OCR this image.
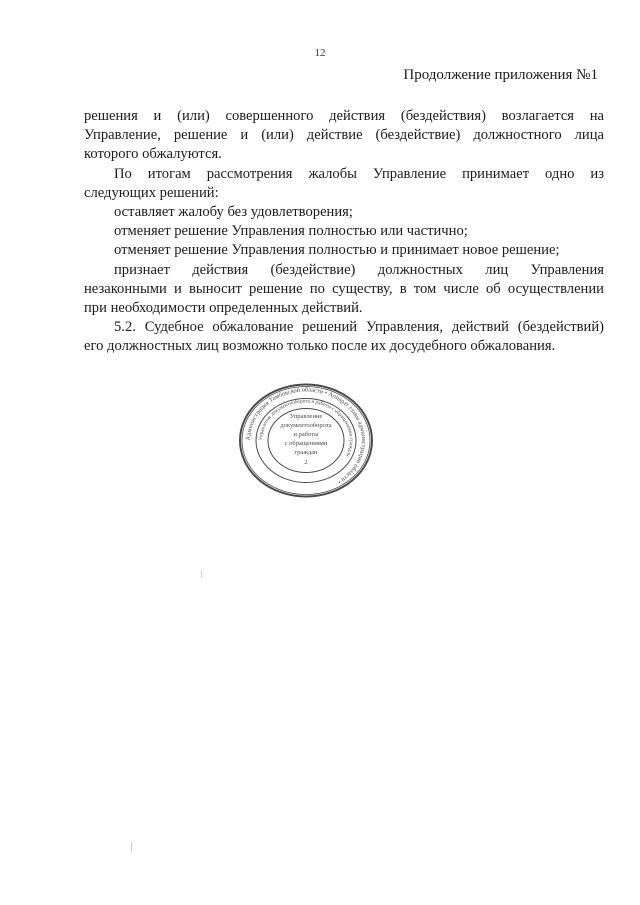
12
Продолжение приложения №1

решения и (или) совершенного действия (бездействия) возлагается на

Управление, решение и (или) действие (бездействие) должностного лица

которого обжалуются.

По итогам рассмотрения жалобы Управление принимает одно из

следующих решений:

оставляет жалобу без удовлетворения;

отменяет решение Управления полностью или частично;

отменяет решение Управления полностью и принимает новое решение;

признает действия (бездействие) должностных лиц Управления

незаконными и выносит решение по существу, в том числе об осуществлении

при необходимости определенных действий.

5.2. Судебное обжалование решений Управления, действий (бездействий)

его должностных лиц возможно только после их досудебного обжалования.

Администрация Тамбовской области • Аппарат главы администрации области •
Управление документооборота и работы с обращениями граждан
Управление
документооборота
и работы
с обращениями
граждан
2
